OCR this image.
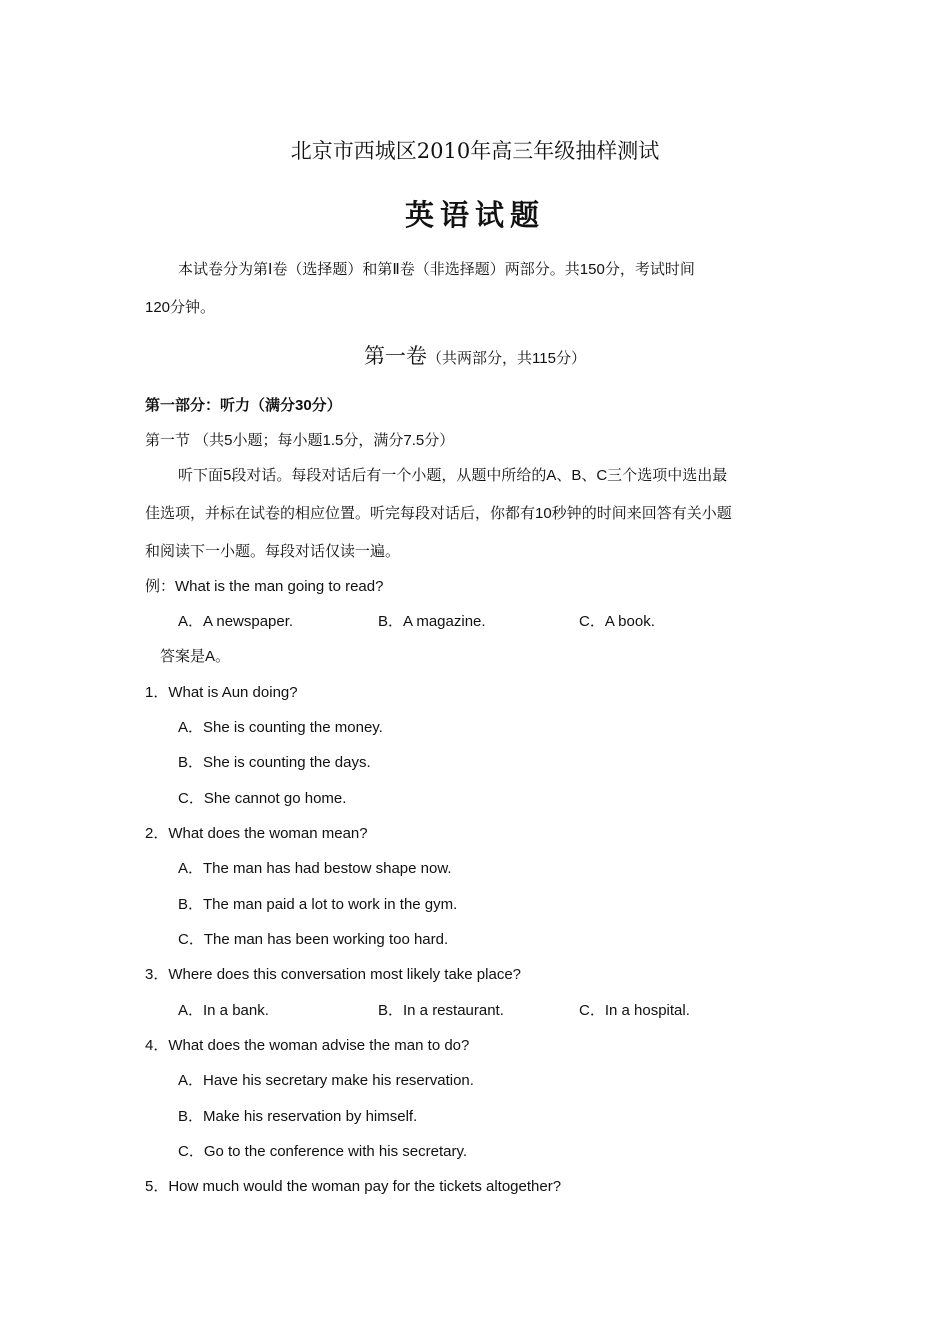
北京市西城区2010年高三年级抽样测试
英语试题
本试卷分为第Ⅰ卷（选择题）和第Ⅱ卷（非选择题）两部分。共150分，考试时间
120分钟。
第一卷（共两部分，共115分）
第一部分：听力（满分30分）
第一节 （共5小题；每小题1.5分，满分7.5分）
听下面5段对话。每段对话后有一个小题，从题中所给的A、B、C三个选项中选出最
佳选项，并标在试卷的相应位置。听完每段对话后，你都有10秒钟的时间来回答有关小题
和阅读下一小题。每段对话仅读一遍。
例：What is the man going to read?
A．A newspaper.	B．A magazine.	C．A book.
答案是A。
1．What is Aun doing?
A．She is counting the money.
B．She is counting the days.
C．She cannot go home.
2．What does the woman mean?
A．The man has had bestow shape now.
B．The man paid a lot to work in the gym.
C．The man has been working too hard.
3．Where does this conversation most likely take place?
A．In a bank.	B．In a restaurant.	C．In a hospital.
4．What does the woman advise the man to do?
A．Have his secretary make his reservation.
B．Make his reservation by himself.
C．Go to the conference with his secretary.
5．How much would the woman pay for the tickets altogether?
